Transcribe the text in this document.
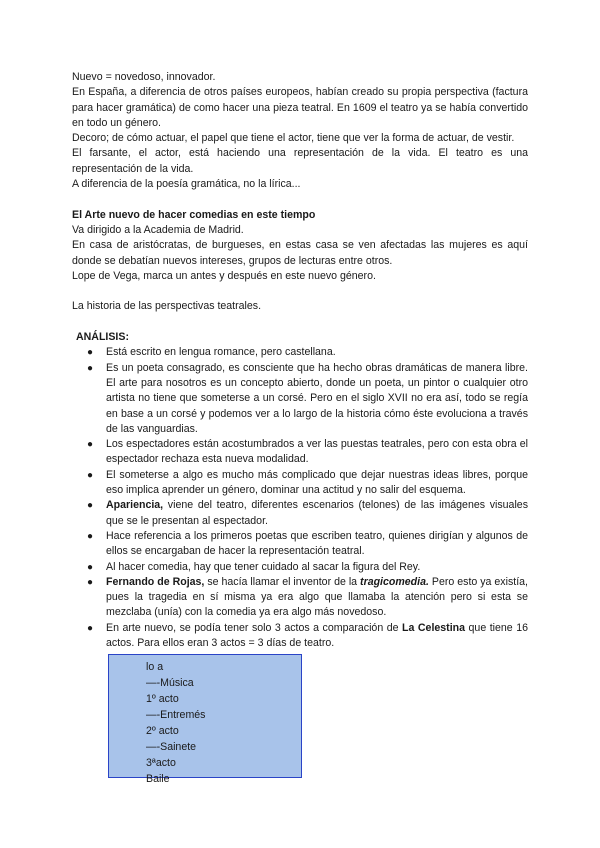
Nuevo = novedoso, innovador.

En España, a diferencia de otros países europeos, habían creado su propia perspectiva (factura para hacer gramática) de como hacer una pieza teatral. En 1609 el teatro ya se había convertido en todo un género.

Decoro; de cómo actuar, el papel que tiene el actor, tiene que ver la forma de actuar, de vestir.

El farsante, el actor, está haciendo una representación de la vida. El teatro es una representación de la vida.

A diferencia de la poesía gramática, no la lírica...

El Arte nuevo de hacer comedias en este tiempo

Va dirigido a la Academia de Madrid.

En casa de aristócratas, de burgueses, en estas casa se ven afectadas las mujeres es aquí donde se debatían nuevos intereses, grupos de lecturas entre otros.

Lope de Vega, marca un antes y después en este nuevo género.

La historia de las perspectivas teatrales.

ANÁLISIS:

● Está escrito en lengua romance, pero castellana.
● Es un poeta consagrado, es consciente que ha hecho obras dramáticas de manera libre. El arte para nosotros es un concepto abierto, donde un poeta, un pintor o cualquier otro artista no tiene que someterse a un corsé. Pero en el siglo XVII no era así, todo se regía en base a un corsé y podemos ver a lo largo de la historia cómo éste evoluciona a través de las vanguardias.
● Los espectadores están acostumbrados a ver las puestas teatrales, pero con esta obra el espectador rechaza esta nueva modalidad.
● El someterse a algo es mucho más complicado que dejar nuestras ideas libres, porque eso implica aprender un género, dominar una actitud y no salir del esquema.
● Apariencia, viene del teatro, diferentes escenarios (telones) de las imágenes visuales que se le presentan al espectador.
● Hace referencia a los primeros poetas que escriben teatro, quienes dirigían y algunos de ellos se encargaban de hacer la representación teatral.
● Al hacer comedia, hay que tener cuidado al sacar la figura del Rey.
● Fernando de Rojas, se hacía llamar el inventor de la tragicomedia. Pero esto ya existía, pues la tragedia en sí misma ya era algo que llamaba la atención pero si esta se mezclaba (unía) con la comedia ya era algo más novedoso.
● En arte nuevo, se podía tener solo 3 actos a comparación de La Celestina que tiene 16 actos. Para ellos eran 3 actos = 3 días de teatro.
lo a
—-Música
1º acto
—-Entremés
2º acto
—-Sainete
3ªacto
Baile
